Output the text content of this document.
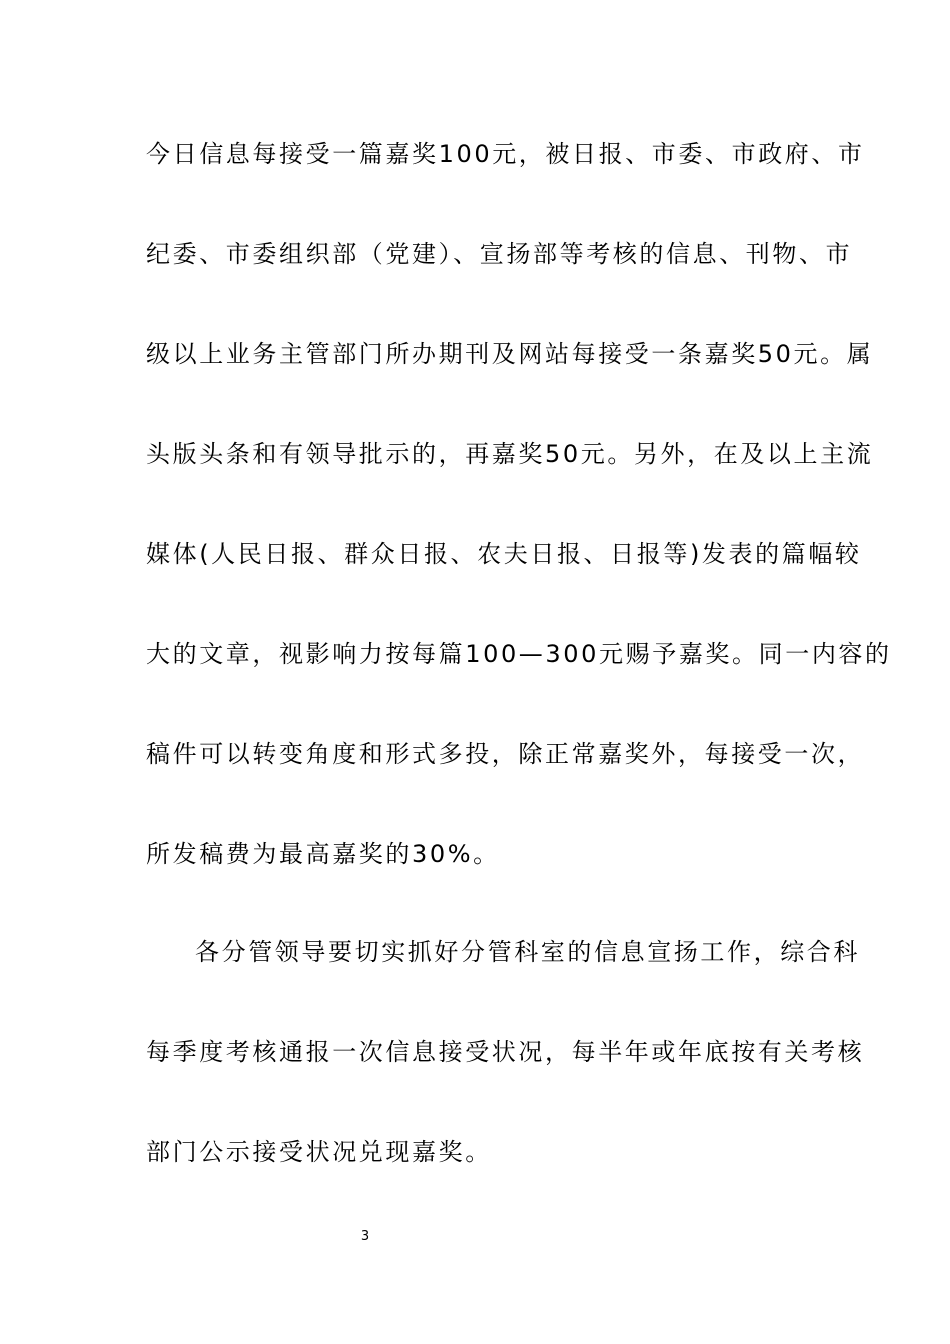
今日信息每接受一篇嘉奖100元，被日报、市委、市政府、市
纪委、市委组织部（党建）、宣扬部等考核的信息、刊物、市
级以上业务主管部门所办期刊及网站每接受一条嘉奖50元。属
头版头条和有领导批示的，再嘉奖50元。另外，在及以上主流
媒体(人民日报、群众日报、农夫日报、日报等)发表的篇幅较
大的文章，视影响力按每篇100—300元赐予嘉奖。同一内容的
稿件可以转变角度和形式多投，除正常嘉奖外，每接受一次，
所发稿费为最高嘉奖的30%。
各分管领导要切实抓好分管科室的信息宣扬工作，综合科
每季度考核通报一次信息接受状况，每半年或年底按有关考核
部门公示接受状况兑现嘉奖。
3
